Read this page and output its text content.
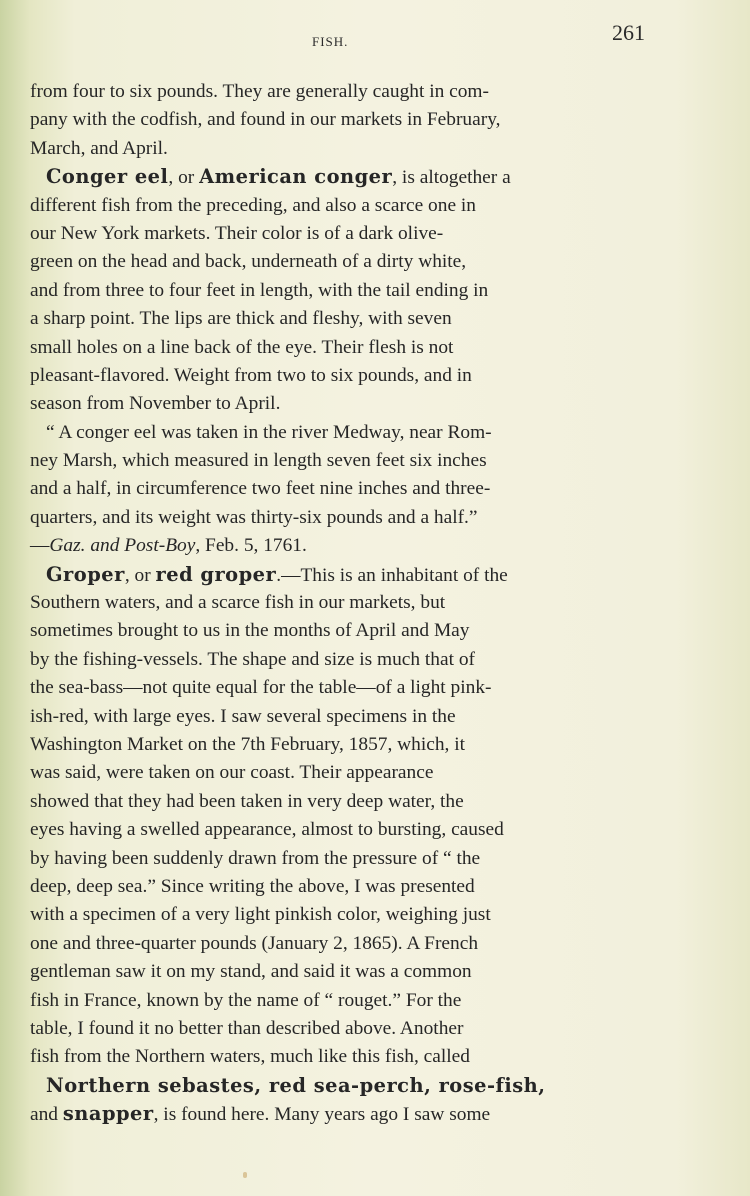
FISH.	261
from four to six pounds. They are generally caught in com-
pany with the codfish, and found in our markets in February,
March, and April.
Conger eel, or American conger, is altogether a
different fish from the preceding, and also a scarce one in
our New York markets. Their color is of a dark olive-
green on the head and back, underneath of a dirty white,
and from three to four feet in length, with the tail ending in
a sharp point. The lips are thick and fleshy, with seven
small holes on a line back of the eye. Their flesh is not
pleasant-flavored. Weight from two to six pounds, and in
season from November to April.
“ A conger eel was taken in the river Medway, near Rom-
ney Marsh, which measured in length seven feet six inches
and a half, in circumference two feet nine inches and three-
quarters, and its weight was thirty-six pounds and a half.”
—Gaz. and Post-Boy, Feb. 5, 1761.
Groper, or red groper.—This is an inhabitant of the
Southern waters, and a scarce fish in our markets, but
sometimes brought to us in the months of April and May
by the fishing-vessels. The shape and size is much that of
the sea-bass—not quite equal for the table—of a light pink-
ish-red, with large eyes. I saw several specimens in the
Washington Market on the 7th February, 1857, which, it
was said, were taken on our coast. Their appearance
showed that they had been taken in very deep water, the
eyes having a swelled appearance, almost to bursting, caused
by having been suddenly drawn from the pressure of “ the
deep, deep sea.” Since writing the above, I was presented
with a specimen of a very light pinkish color, weighing just
one and three-quarter pounds (January 2, 1865). A French
gentleman saw it on my stand, and said it was a common
fish in France, known by the name of “ rouget.” For the
table, I found it no better than described above. Another
fish from the Northern waters, much like this fish, called
Northern sebastes, red sea-perch, rose-fish,
and snapper, is found here. Many years ago I saw some
